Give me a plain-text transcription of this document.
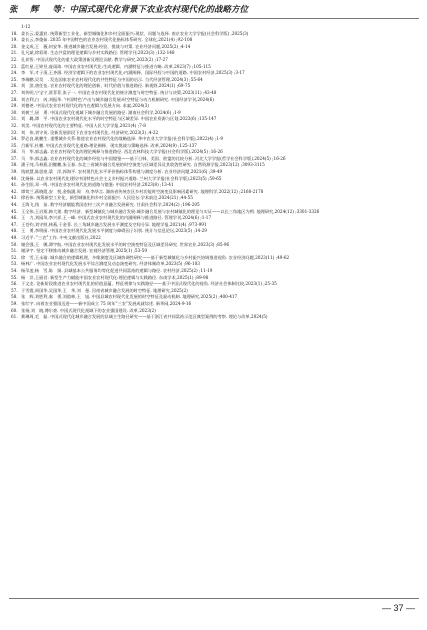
张　辉 等：中国式现代化背景下农业农村现代化的战略方位
1-12
18. 姜长云,姜惠宸. 统筹新型工业化、新型城镇化和乡村全面振兴:现状、问题与选择. 南京农业大学学报(社会科学版) ,2025(3)
19. 姜长云,李俊茹. 2035 年中国特色的农业农村现代化指标体系研究. 全球化,2021(4) ;92-108
20. 金文成,王　薇,何安华. 推进城乡融合发展:经验、挑战与对策. 农业经济问题,2025(2) ;4-14
21. 孔凡斌,徐彩瑶. 生态共富的理论逻辑与乡村实践路径. 管理学刊,2023(3) ;132-148
22. 孔祥智. 中国式现代化的重大政策创新及理论贡献. 教学与研究,2023(2) ;17-27
23. 蓝红星,王婷昱,庞雨琦. 中国农业农村现代化:生成逻辑、内涵特征与推进方略. 改革,2023(7) ;105-115
24. 李　军,才子清,王齐澶. 经济学逻辑下的农业农村现代化:内涵阐释、国际经验与中国的道路. 中国农村经济,2025(3) ;3-17
25. 李瑞鹏,吴昊　. 发达国家农业农村现代化的共性特征与中国的启示. 当代经济管理,2024(3) ;55-64
26. 刘　滨,唐任伍. 农业农村现代化的理论创新、时代价值与推进路径. 新视野,2024(1) ;69-75
27. 刘传明,宁宝宁,贾菲菲,张子一. 中国农业农村现代化的统计测度与时空特征. 统计与决策,2023(11) ;43-48
28. 刘吉利,白　芮,刘振华. '中国特色'产出与城乡融合发展:时空特征与动力机制研究. 中国经济学刊,2024(6)
29. 刘德尧. 中国式农业农村现代化的内在逻辑与发展方向. 求索,2024(3)
30. 刘树兰,屈　勇. 中国式现代化视域下城乡融合发展的路径. 湖南社会科学,2024(6) ;1-9
31. 刘　璐,谭　平. 中国农业农村现代化水平的时空特征与区域差异. 中国农业资源与区划,2023(6) ;135-147
32. 刘美. 中国农村现代化的主要特征. 中国人民大学学报,2021(4) ;7-8
33. 刘　伟,刘守英. 论新发展阶段下农业农村现代化. 经济研究,2023(3) ;4-22
34. 罗必良,耿鹏生. 重塑城乡关系:推进农业农村现代化的战略选择. 华中农业大学学报(社会科学版),2022(4) ;1-9
35. 吕新军,杜鹏. 中国式农业现代化道路:理论阐释、现实挑战与策略选择. 改革,2024(9) ;125-137
36. 马　华,郭志鑫. 农业农村现代化的理论阐释与推进路径. 西北农林科技大学学报(社会科学版),2024(5) ;16-26
37. 马　华,郭志鑫. 农业农村现代化的城乡经验与中国镜鉴——基于日韩、美国、欧盟的比较分析. 河北大学学报(哲学社会科学版),2024(5) ;16-26
38. 潘子纯,马林燕,田继鹏,朱玉春. 东北三省城乡融合发展的时空演变与区域差异及其收敛性研究. 自然资源学报,2023(12) ;3093-3115
39. 钱轶慧,陈思豪,梁　洋,郭海平. 农村现代化水平评价指标体系构建与测度分析. 农业经济问题,2021(6) ;39-49
40. 沈扬扬. 以农业农村现代化建设中国特色社会主义乡村振兴道路. 兰州大学学报(社会科学版),2023(5) ;59-65
41. 孙生阳,邓一鸣. 中国农业农村现代化的道路与镜鉴: 中国农村经济,2023(8) ;13-41
42. 谭莺兰,蒋晓霞,安　悦,金航涵,周　舟,李华言. 湖南省传统农区乡村功能时空演变及影响因素研究. 地理科学,2022(12) ;2168-2178
43. 徐若伟. 统筹新型工业化、新型城镇化和乡村全面振兴. 人民论坛·学术前沿,2024(21) ;44-55
44. 王海飞,钱　苗. 数字经济赋能我国农村三次产业融合发展研究. 甘肃社会科学,2024(2) ;196-205
45. 王全伟,王启翔,韩大建. 数字经济、新型城镇化与城乡融合发展:城乡融合发展与农村城镇化的理论与实证——以长三角地区为例. 地理研究,2024(12) ;3301-3326
46. 王　力,刘园凤,李兴祥,王一峰. 中国式农业农村现代化的内涵阐释与推进路径. 管理学刊,2024(6) ;1-17
47. 王苍钧,刘守照,林燕,于金菲. 长三角城乡融合发展水平测度及空间分异. 地理学报,2021(4) ;973-991
48. 王　勇,李明丽. 中国农业农村现代化发展水平测度与障碍因子识别. 统计与信息论坛,2023(5) ;14-29
49. 习近平. "三农"工作. 中央文献出版社,2022
50. 谢会强,王　娜,谭宇航. 中国农业农村现代化发展水平的时空演变特征及区域差异研究. 世界农业,2023(3) ;85-96
51. 谢泽宇. 坚定不移推动城乡融合发展. 宏观经济管理,2025(1) ;53-59
52. 徐　雪,王永瑜. 城乡融合的逻辑机理、多维测度及区域协调性研究——基于新型城镇化与乡村振兴协调推进视角. 农业经济问题,2023(11) ;49-62
53. 杨林广. 中国农业农村现代化发展水平综合测度及动态演变研究. 经济体制改革,2023(5) ;96-103
54. 杨孕凌,杨　雪,陈　娟. 县域基本公共服务均等化促进共同富裕的逻辑与路径. 农村经济,2025(2) ;11-19
55. 杨　洋,王丽君. 新型生产力赋能中国农业农村现代化:理论逻辑与实践路径. 东南学术,2025(1) ;89-98
56. 于文龙. 论新阶段推进农业农村现代化的价值意蕴、特征规律与实践路径——基于中国式现代化的视角. 经济社会体制比较,2023(1) ;25-35
57. 于雪霞,周国华,吴国华,王　华,刘　曼. 河南省城乡融合发展的时空特征. 地理研究,2025(2)
58. 张　辉,刘胜利,秦　勇,刘韵林,王　旭. 中国县域农村现代化发展的时空特征及驱动机制. 地理研究,2025(2) ;400-417
59. 张红宇. 向着农业强国迈进——新中国成立 75 周年“三农”发展成就综述. 新华网,2024-9-16
60. 张扬,刘　晓,傅尔豪. 中国式现代化视域下的农业强国建设. 改革,2023(2)
61. 赛琳周,毛　磊. 中国式现代化城乡融合发展的县域主生路径研究——基于浙江省共同富裕示范区典型案例的考察. 理论与改革,2024(5)
— 37 —
